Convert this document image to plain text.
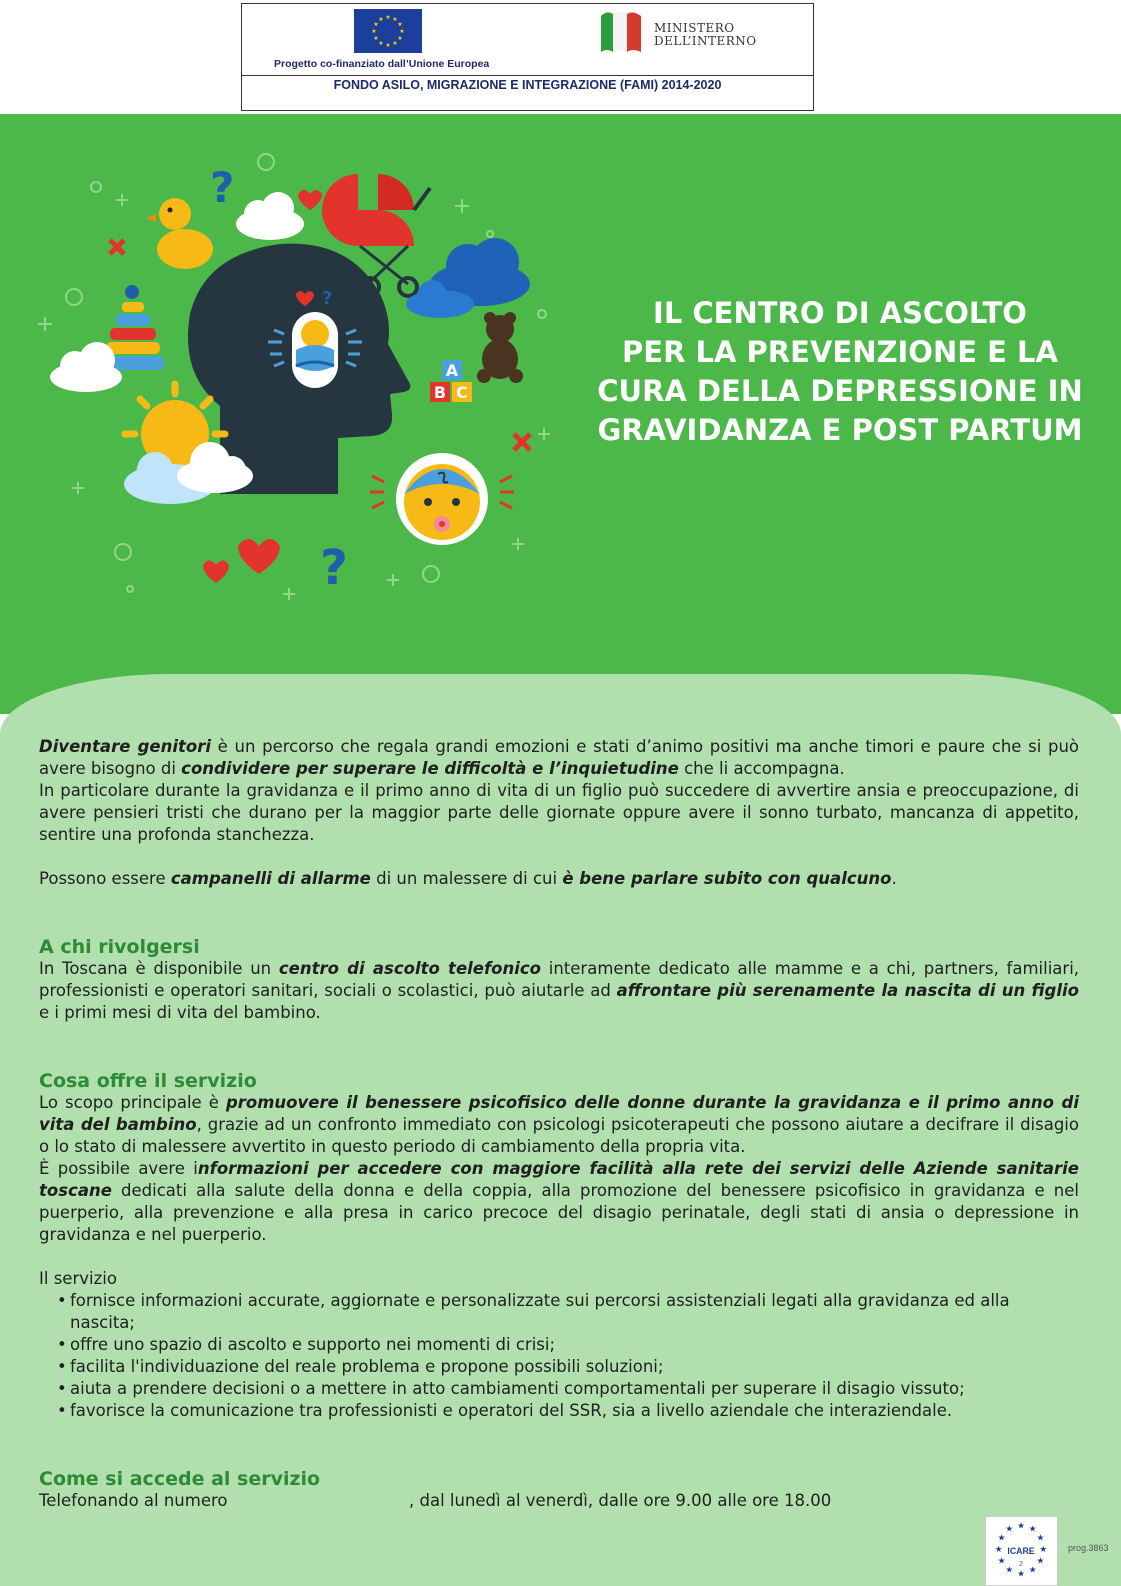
★ ★
★
★
★
★
★
★
★
★
★
★
Progetto co-finanziato dall’Unione Europea
MINISTERO
DELL’INTERNO
FONDO ASILO, MIGRAZIONE E INTEGRAZIONE (FAMI) 2014-2020
?
?
?
A
B C
IL CENTRO DI ASCOLTO
PER LA PREVENZIONE E LA
CURA DELLA DEPRESSIONE IN
GRAVIDANZA E POST PARTUM

Diventare genitori è un percorso che regala grandi emozioni e stati d’animo positivi ma anche timori e paure che si può avere bisogno di condividere per superare le difficoltà e l’inquietudine che li accompagna.

In particolare durante la gravidanza e il primo anno di vita di un figlio può succedere di avvertire ansia e preoccupazione, di avere pensieri tristi che durano per la maggior parte delle giornate oppure avere il sonno turbato, mancanza di appetito, sentire una profonda stanchezza.

Possono essere campanelli di allarme di un malessere di cui è bene parlare subito con qualcuno.

A chi rivolgersi

In Toscana è disponibile un centro di ascolto telefonico interamente dedicato alle mamme e a chi, partners, familiari, professionisti e operatori sanitari, sociali o scolastici, può aiutarle ad affrontare più serenamente la nascita di un figlio e i primi mesi di vita del bambino.

Cosa offre il servizio

Lo scopo principale è promuovere il benessere psicofisico delle donne durante la gravidanza e il primo anno di vita del bambino, grazie ad un confronto immediato con psicologi psicoterapeuti che possono aiutare a decifrare il disagio o lo stato di malessere avvertito in questo periodo di cambiamento della propria vita.

È possibile avere informazioni per accedere con maggiore facilità alla rete dei servizi delle Aziende sanitarie toscane dedicati alla salute della donna e della coppia, alla promozione del benessere psicofisico in gravidanza e nel puerperio, alla prevenzione e alla presa in carico precoce del disagio perinatale, degli stati di ansia o depressione in gravidanza e nel puerperio.

Il servizio

• fornisce informazioni accurate, aggiornate e personalizzate sui percorsi assistenziali legati alla gravidanza ed alla nascita;
• offre uno spazio di ascolto e supporto nei momenti di crisi;
• facilita l'individuazione del reale problema e propone possibili soluzioni;
• aiuta a prendere decisioni o a mettere in atto cambiamenti comportamentali per superare il disagio vissuto;
• favorisce la comunicazione tra professionisti e operatori del SSR, sia a livello aziendale che interaziendale.
Come si accede al servizio

Telefonando al numero	, dal lunedì al venerdì, dalle ore 9.00 alle ore 18.00

★ ★
★
★
★
★
★
★
★
★
★
★
ICARE
2
prog.3863
